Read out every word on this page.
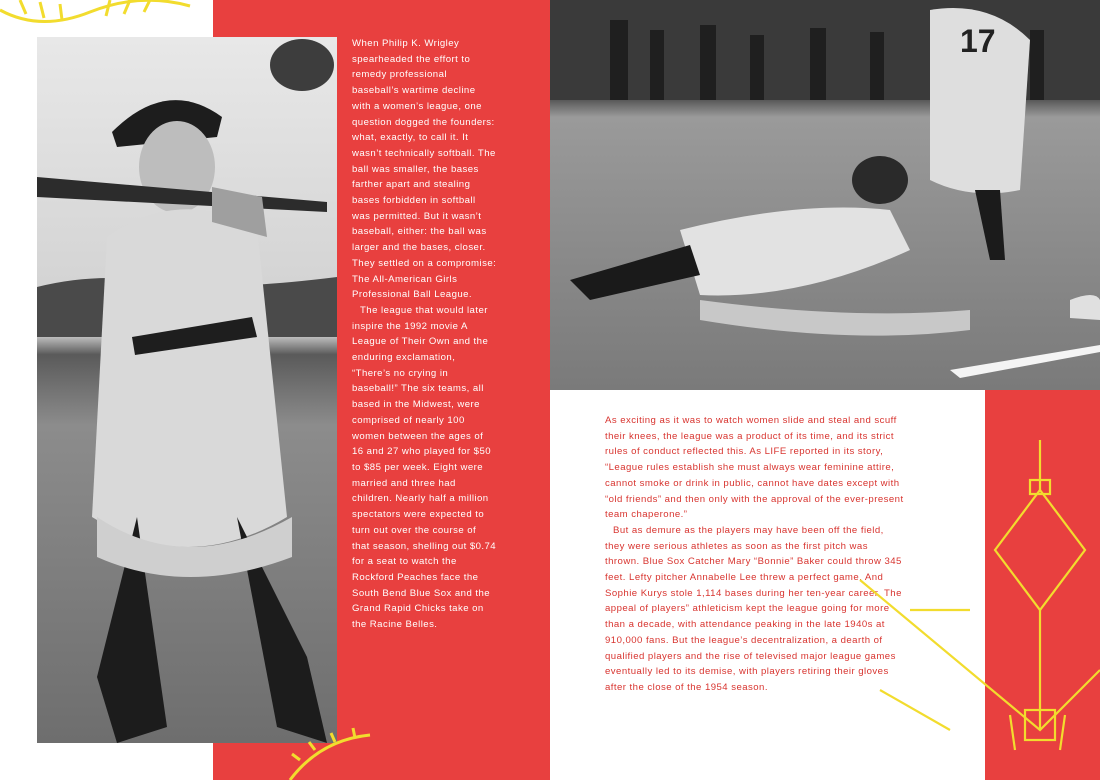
17

When Philip K. Wrigley spearheaded the effort to remedy professional baseball’s wartime decline with a women’s league, one question dogged the founders: what, exactly, to call it. It wasn’t technically softball. The ball was smaller, the bases farther apart and stealing bases forbidden in softball was permitted. But it wasn’t baseball, either: the ball was larger and the bases, closer. They settled on a compromise: The All-American Girls Professional Ball League.

The league that would later inspire the 1992 movie A League of Their Own and the enduring exclamation, “There’s no crying in baseball!” The six teams, all based in the Midwest, were comprised of nearly 100 women between the ages of 16 and 27 who played for $50 to $85 per week. Eight were married and three had children. Nearly half a million spectators were expected to turn out over the course of that season, shelling out $0.74 for a seat to watch the Rockford Peaches face the South Bend Blue Sox and the Grand Rapid Chicks take on the Racine Belles.

As exciting as it was to watch women slide and steal and scuff their knees, the league was a product of its time, and its strict rules of conduct reflected this. As LIFE reported in its story, “League rules establish she must always wear feminine attire, cannot smoke or drink in public, cannot have dates except with “old friends” and then only with the approval of the ever-present team chaperone.”

But as demure as the players may have been off the field, they were serious athletes as soon as the first pitch was thrown. Blue Sox Catcher Mary “Bonnie” Baker could throw 345 feet. Lefty pitcher Annabelle Lee threw a perfect game. And Sophie Kurys stole 1,114 bases during her ten-year career. The appeal of players” athleticism kept the league going for more than a decade, with attendance peaking in the late 1940s at 910,000 fans. But the league’s decentralization, a dearth of qualified players and the rise of televised major league games eventually led to its demise, with players retiring their gloves after the close of the 1954 season.
